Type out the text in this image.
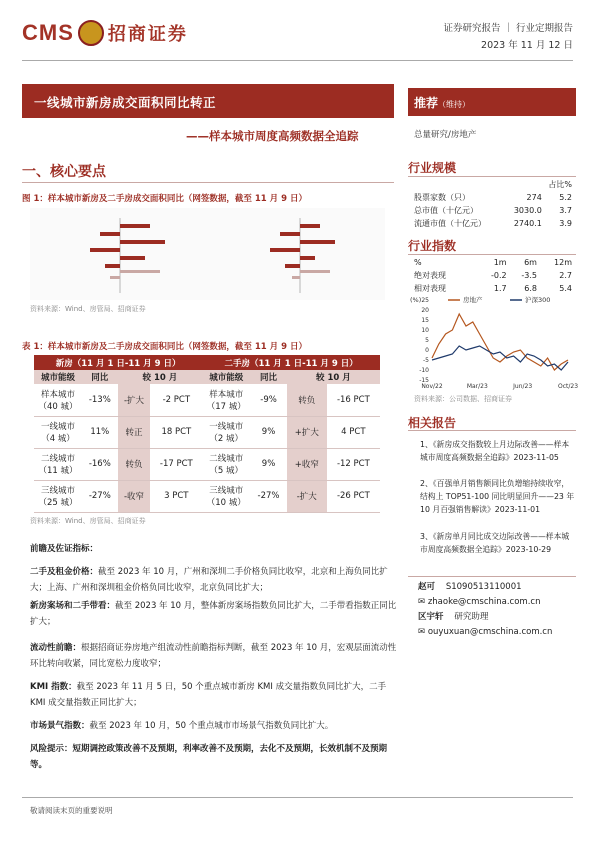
CMS 招商证券	证券研究报告 ｜ 行业定期报告
2023 年 11 月 12 日
一线城市新房成交面积同比转正
——样本城市周度高频数据全追踪
一、核心要点
图 1：样本城市新房及二手房成交面积同比（网签数据，截至 11 月 9 日）
资料来源：Wind、房管局、招商证券
表 1：样本城市新房及二手房成交面积同比（网签数据，截至 11 月 9 日）
新房（11 月 1 日-11 月 9 日）				二手房（11 月 1 日-11 月 9 日）			
城市能级	同比	较 10 月		城市能级	同比	较 10 月	
样本城市（40 城）	-13%	-扩大	-2 PCT	样本城市（17 城）	-9%	转负	-16 PCT
一线城市（4 城）	11%	转正	18 PCT	一线城市（2 城）	9%	+扩大	4 PCT
二线城市（11 城）	-16%	转负	-17 PCT	二线城市（5 城）	9%	+收窄	-12 PCT
三线城市（25 城）	-27%	-收窄	3 PCT	三线城市（10 城）	-27%	-扩大	-26 PCT
资料来源：Wind、房管局、招商证券
前瞻及佐证指标：
二手及租金价格：截至 2023 年 10 月，广州和深圳二手价格负同比收窄，北京和上海负同比扩大；上海、广州和深圳租金价格负同比收窄，北京负同比扩大；
新房案场和二手带看：截至 2023 年 10 月，整体新房案场指数负同比扩大，二手带看指数正同比扩大；
流动性前瞻：根据招商证券房地产组流动性前瞻指标判断，截至 2023 年 10 月，宏观层面流动性环比转向收紧，同比宽松力度收窄；
KMI 指数：截至 2023 年 11 月 5 日，50 个重点城市新房 KMI 成交量指数负同比扩大，二手 KMI 成交量指数正同比扩大；
市场景气指数：截至 2023 年 10 月，50 个重点城市市场景气指数负同比扩大。
风险提示：短期调控政策改善不及预期，利率改善不及预期，去化不及预期，长效机制不及预期等。
敬请阅读末页的重要说明
推荐（维持）
总量研究/房地产
行业规模
		占比%
股票家数（只）	274	5.2
总市值（十亿元）	3030.0	3.7
流通市值（十亿元）	2740.1	3.9
行业指数
%	1m	6m	12m
绝对表现	-0.2	-3.5	2.7
相对表现	1.7	6.8	5.4
(%) 25
20
15
10
5
0
-5
-10
-15
Nov/22	Mar/23	Jun/23	Oct/23
房地产	沪深300
资料来源：公司数据、招商证券
相关报告
1、《新房成交指数较上月边际改善——样本城市周度高频数据全追踪》2023-11-05
2、《百强单月销售额同比负增缩持续收窄，结构上 TOP51-100 同比明显回升——23 年 10 月百强销售解读》2023-11-01
3、《新房单月同比成交边际改善——样本城市周度高频数据全追踪》2023-10-29
赵可 S1090513110001
✉ zhaoke@cmschina.com.cn
区宇轩 研究助理
✉ ouyuxuan@cmschina.com.cn
